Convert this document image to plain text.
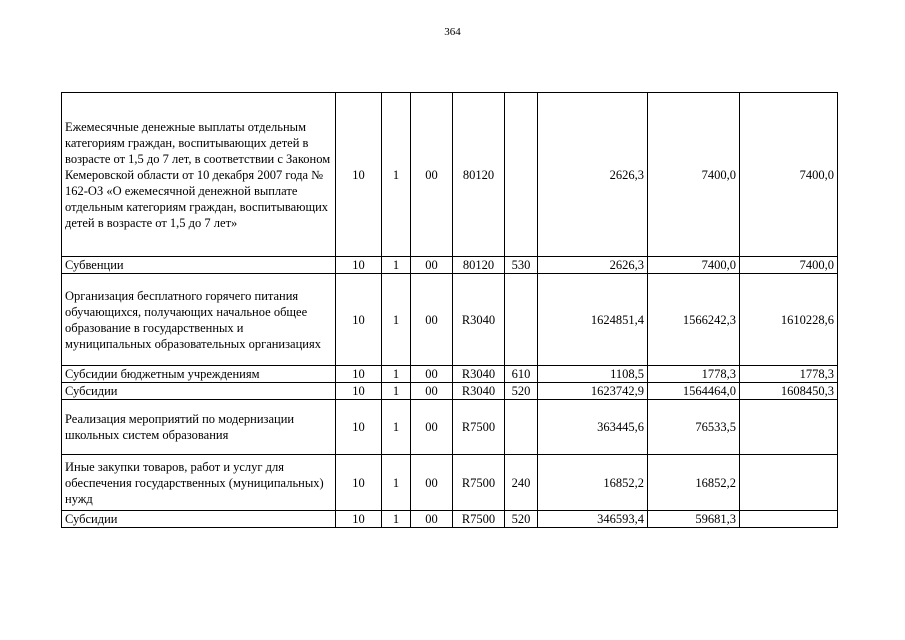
364
Ежемесячные денежные выплаты отдельным категориям граждан, воспитывающих детей в возрасте от 1,5 до 7 лет, в соответствии с Законом Кемеровской области от 10 декабря 2007 года № 162-ОЗ «О ежемесячной денежной выплате отдельным категориям граждан, воспитывающих детей в возрасте от 1,5 до 7 лет»	10	1	00	80120		2626,3	7400,0	7400,0
Субвенции	10	1	00	80120	530	2626,3	7400,0	7400,0
Организация бесплатного горячего питания обучающихся, получающих начальное общее образование в государственных и муниципальных образовательных организациях	10	1	00	R3040		1624851,4	1566242,3	1610228,6
Субсидии бюджетным учреждениям	10	1	00	R3040	610	1108,5	1778,3	1778,3
Субсидии	10	1	00	R3040	520	1623742,9	1564464,0	1608450,3
Реализация мероприятий по модернизации школьных систем образования	10	1	00	R7500		363445,6	76533,5	
Иные закупки товаров, работ и услуг для обеспечения государственных (муниципальных) нужд	10	1	00	R7500	240	16852,2	16852,2	
Субсидии	10	1	00	R7500	520	346593,4	59681,3	
